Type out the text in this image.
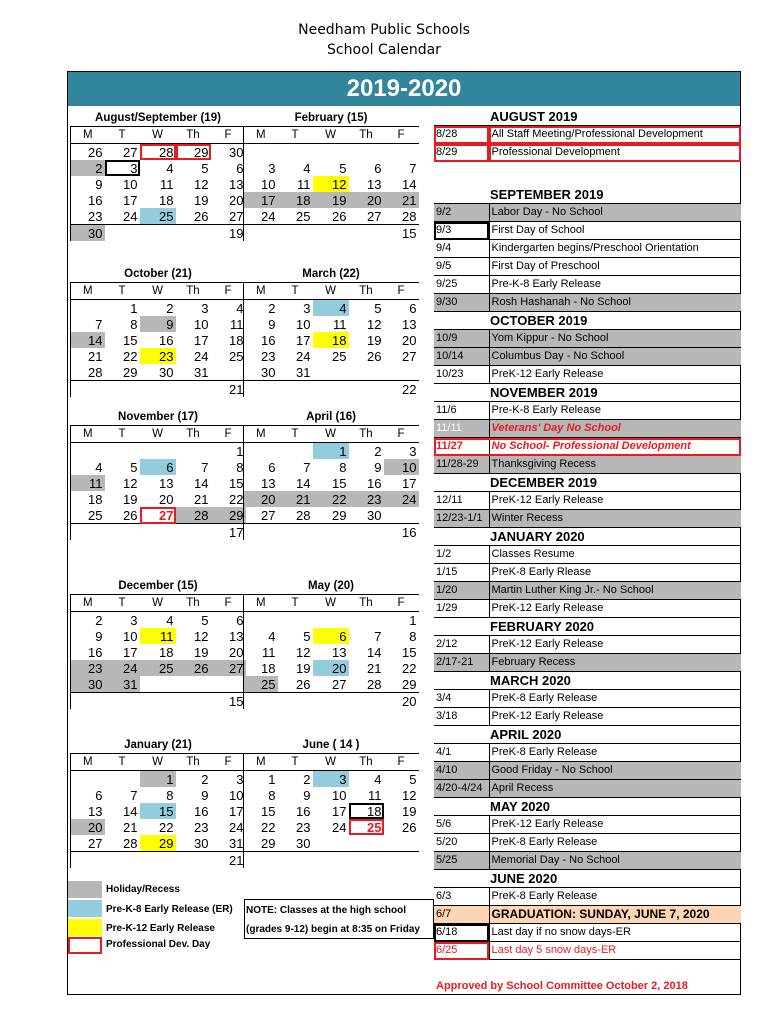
Needham Public Schools
School Calendar
2019-2020
August/September (19)				
M	T	W	Th	F
26	27	28	29	30
2	3	4	5	6
9	10	11	12	13
16	17	18	19	20
23	24	25	26	27
30				19
February (15)				
M	T	W	Th	F

3	4	5	6	7
10	11	12	13	14
17	18	19	20	21
24	25	26	27	28
				15
October (21)				
M	T	W	Th	F
	1	2	3	4
7	8	9	10	11
14	15	16	17	18
21	22	23	24	25
28	29	30	31	
				21
March (22)				
M	T	W	Th	F
2	3	4	5	6
9	10	11	12	13
16	17	18	19	20
23	24	25	26	27
30	31			
				22
November (17)				
M	T	W	Th	F
				1
4	5	6	7	8
11	12	13	14	15
18	19	20	21	22
25	26	27	28	29
				17
April (16)				
M	T	W	Th	F
		1	2	3
6	7	8	9	10
13	14	15	16	17
20	21	22	23	24
27	28	29	30	
				16
December (15)				
M	T	W	Th	F
2	3	4	5	6
9	10	11	12	13
16	17	18	19	20
23	24	25	26	27
30	31			
				15
May (20)				
M	T	W	Th	F
				1
4	5	6	7	8
11	12	13	14	15
18	19	20	21	22
25	26	27	28	29
				20
January (21)				
M	T	W	Th	F
		1	2	3
6	7	8	9	10
13	14	15	16	17
20	21	22	23	24
27	28	29	30	31
				21
June ( 14 )				
M	T	W	Th	F
1	2	3	4	5
8	9	10	11	12
15	16	17	18	19
22	23	24	25	26
29	30			

AUGUST 2019	
8/28	All Staff Meeting/Professional Development
8/29	Professional Development

SEPTEMBER 2019	
9/2	Labor Day - No School
9/3	First Day of School
9/4	Kindergarten begins/Preschool Orientation
9/5	First Day of Preschool
9/25	Pre-K-8 Early Release
9/30	Rosh Hashanah - No School
OCTOBER 2019	
10/9	Yom Kippur - No School
10/14	Columbus Day - No School
10/23	PreK-12 Early Release
NOVEMBER 2019	
11/6	Pre-K-8 Early Release
11/11	Veterans' Day No School
11/27	No School- Professional Development
11/28-29	Thanksgiving Recess
DECEMBER 2019	
12/11	PreK-12 Early Release
12/23-1/1	Winter Recess
JANUARY 2020	
1/2	Classes Resume
1/15	PreK-8 Early Rlease
1/20	Martin Luther King Jr.- No School
1/29	PreK-12 Early Release
FEBRUARY 2020	
2/12	PreK-12 Early Release
2/17-21	February Recess
MARCH 2020	
3/4	PreK-8 Early Release
3/18	PreK-12 Early Release
APRIL 2020	
4/1	PreK-8 Early Release
4/10	Good Friday - No School
4/20-4/24	April Recess
MAY 2020	
5/6	PreK-12 Early Release
5/20	PreK-8 Early Release
5/25	Memorial Day - No School
JUNE 2020	
6/3	PreK-8 Early Release
6/7	GRADUATION: SUNDAY, JUNE 7, 2020
6/18	Last day if no snow days-ER
6/25	Last day 5 snow days-ER
Holiday/Recess
Pre-K-8 Early Release (ER)
Pre-K-12 Early Release
Professional Dev. Day
NOTE: Classes at the high school
(grades 9-12) begin at 8:35 on Friday
Approved by School Committee October 2, 2018
